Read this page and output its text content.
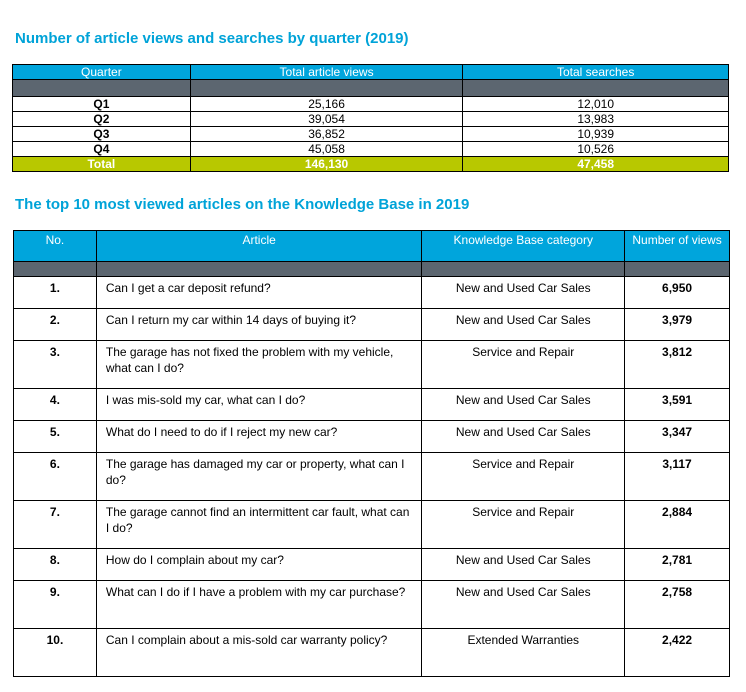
Number of article views and searches by quarter (2019)
Quarter	Total article views	Total searches

Q1	25,166	12,010
Q2	39,054	13,983
Q3	36,852	10,939
Q4	45,058	10,526
Total	146,130	47,458
The top 10 most viewed articles on the Knowledge Base in 2019
No.	Article	Knowledge Base category	Number of views

1.	Can I get a car deposit refund?	New and Used Car Sales	6,950
2.	Can I return my car within 14 days of buying it?	New and Used Car Sales	3,979
3.	The garage has not fixed the problem with my vehicle, what can I do?	Service and Repair	3,812
4.	I was mis-sold my car, what can I do?	New and Used Car Sales	3,591
5.	What do I need to do if I reject my new car?	New and Used Car Sales	3,347
6.	The garage has damaged my car or property, what can I do?	Service and Repair	3,117
7.	The garage cannot find an intermittent car fault, what can I do?	Service and Repair	2,884
8.	How do I complain about my car?	New and Used Car Sales	2,781
9.	What can I do if I have a problem with my car purchase?	New and Used Car Sales	2,758
10.	Can I complain about a mis-sold car warranty policy?	Extended Warranties	2,422
